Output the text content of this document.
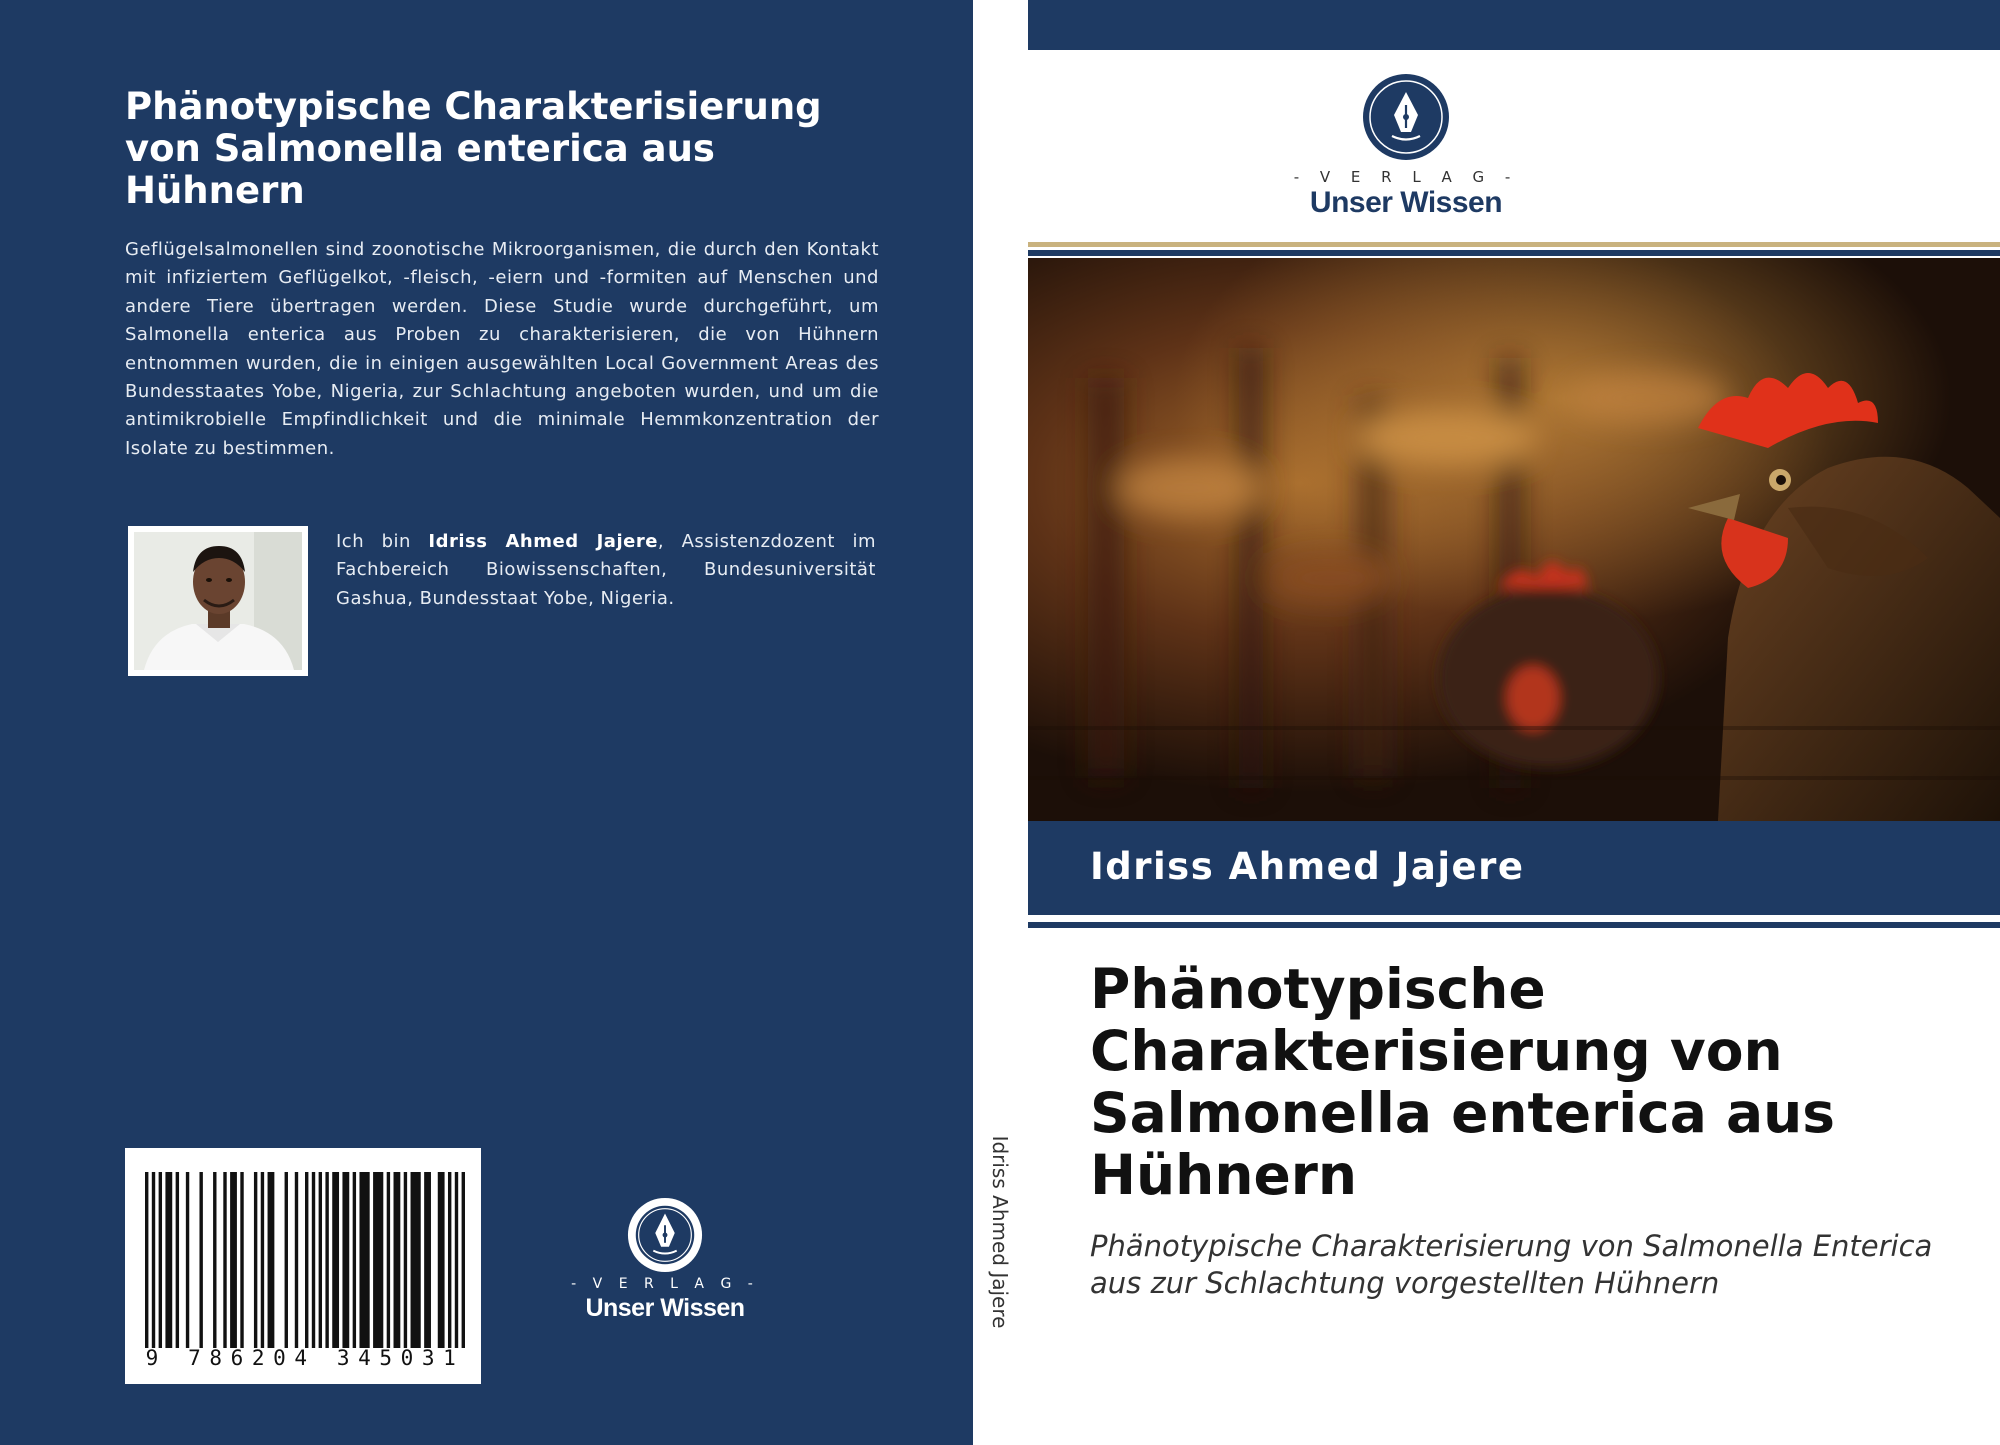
Phänotypische Charakterisierung von Salmonella enterica aus Hühnern

Geflügelsalmonellen sind zoonotische Mikroorganismen, die durch den Kontakt mit infiziertem Geflügelkot, -fleisch, -eiern und -formiten auf Menschen und andere Tiere übertragen werden. Diese Studie wurde durchgeführt, um Salmonella enterica aus Proben zu charakterisieren, die von Hühnern entnommen wurden, die in einigen ausgewählten Local Government Areas des Bundesstaates Yobe, Nigeria, zur Schlachtung angeboten wurden, und um die antimikrobielle Empfindlichkeit und die minimale Hemmkonzentration der Isolate zu bestimmen.

Ich bin Idriss Ahmed Jajere, Assistenzdozent im Fachbereich Biowissenschaften, Bundesuniversität Gashua, Bundesstaat Yobe, Nigeria.

9 786204 345031
- V E R L A G -
Unser Wissen	Idriss Ahmed Jajere
- V E R L A G -
Unser Wissen
Idriss Ahmed Jajere
Phänotypische Charakterisierung von Salmonella enterica aus Hühnern

Phänotypische Charakterisierung von Salmonella Enterica aus zur Schlachtung vorgestellten Hühnern
